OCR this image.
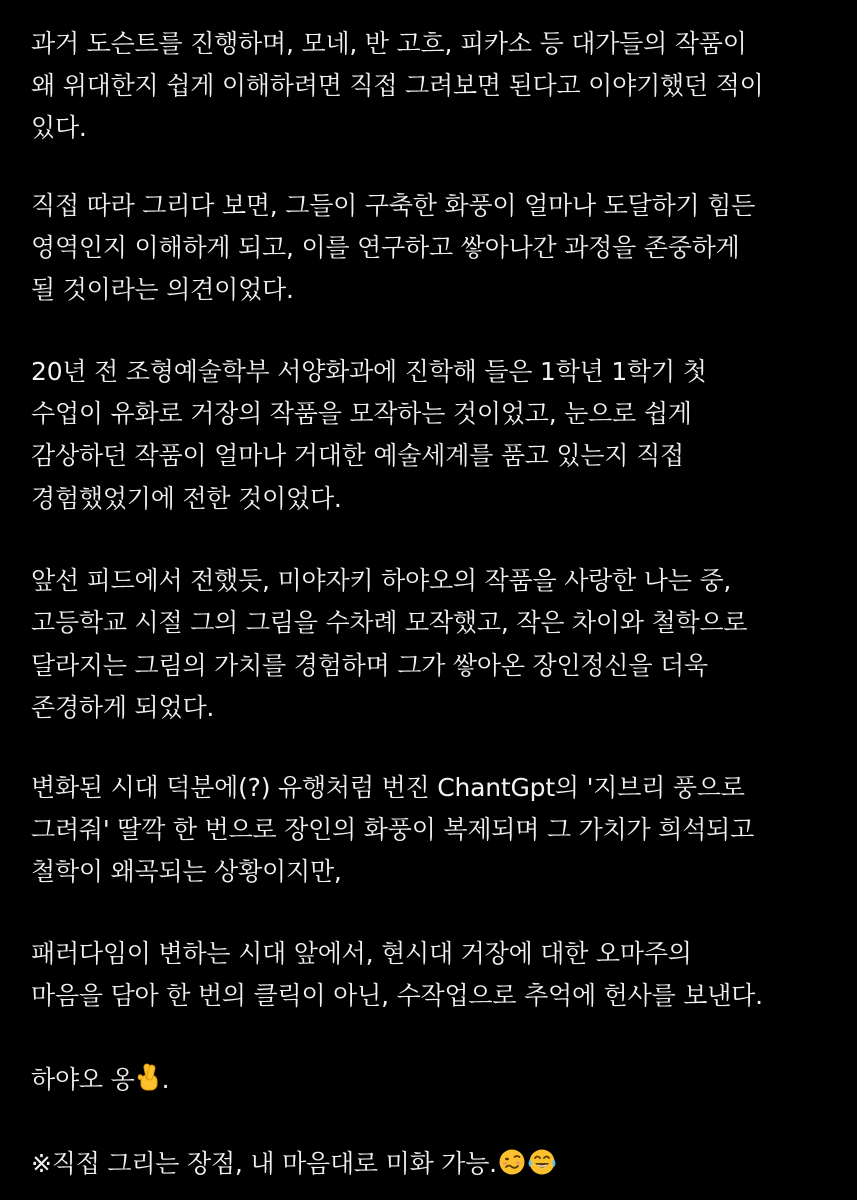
과거 도슨트를 진행하며, 모네, 반 고흐, 피카소 등 대가들의 작품이
왜 위대한지 쉽게 이해하려면 직접 그려보면 된다고 이야기했던 적이
있다.
직접 따라 그리다 보면, 그들이 구축한 화풍이 얼마나 도달하기 힘든
영역인지 이해하게 되고, 이를 연구하고 쌓아나간 과정을 존중하게
될 것이라는 의견이었다.
20년 전 조형예술학부 서양화과에 진학해 들은 1학년 1학기 첫
수업이 유화로 거장의 작품을 모작하는 것이었고, 눈으로 쉽게
감상하던 작품이 얼마나 거대한 예술세계를 품고 있는지 직접
경험했었기에 전한 것이었다.
앞선 피드에서 전했듯, 미야자키 하야오의 작품을 사랑한 나는 중,
고등학교 시절 그의 그림을 수차례 모작했고, 작은 차이와 철학으로
달라지는 그림의 가치를 경험하며 그가 쌓아온 장인정신을 더욱
존경하게 되었다.
변화된 시대 덕분에(?) 유행처럼 번진 ChantGpt의 '지브리 풍으로
그려줘' 딸깍 한 번으로 장인의 화풍이 복제되며 그 가치가 희석되고
철학이 왜곡되는 상황이지만,
패러다임이 변하는 시대 앞에서, 현시대 거장에 대한 오마주의
마음을 담아 한 번의 클릭이 아닌, 수작업으로 추억에 헌사를 보낸다.
하야오 옹 .
※직접 그리는 장점, 내 마음대로 미화 가능.
